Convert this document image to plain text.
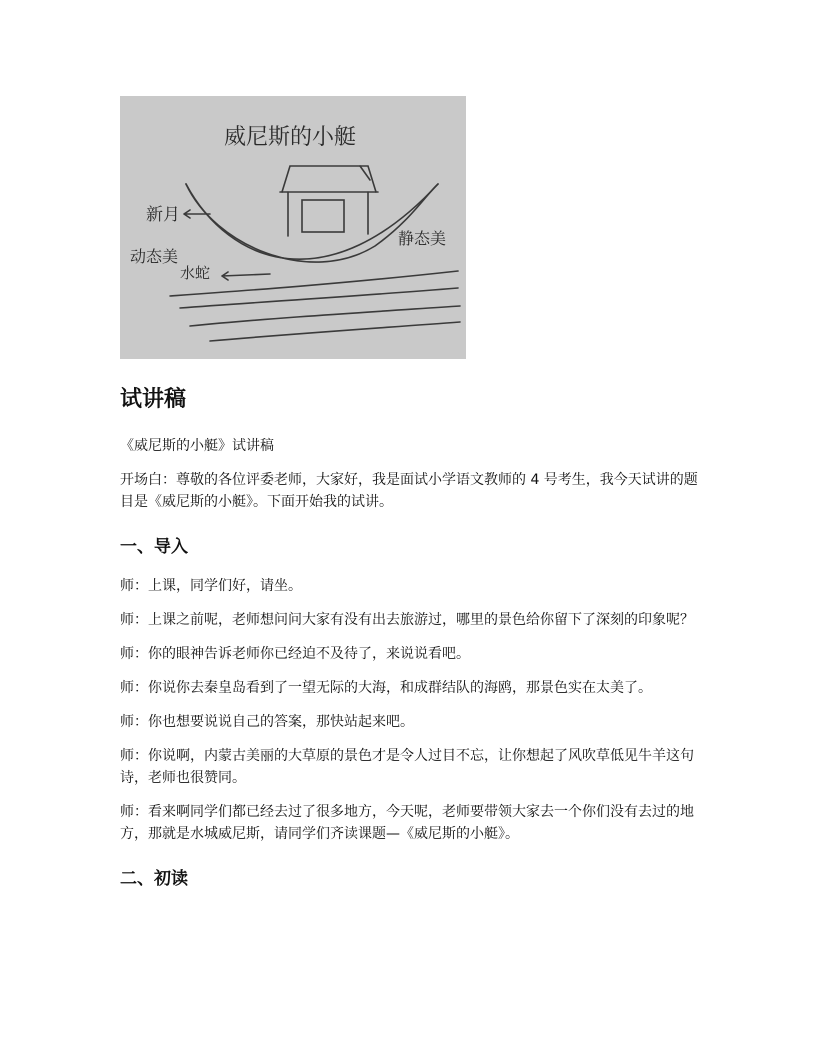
威尼斯的小艇
新月
动态美
水蛇
静态美
试讲稿

《威尼斯的小艇》试讲稿

开场白：尊敬的各位评委老师，大家好，我是面试小学语文教师的 4 号考生，我今天试讲的题目是《威尼斯的小艇》。下面开始我的试讲。

一、导入

师：上课，同学们好，请坐。

师：上课之前呢，老师想问问大家有没有出去旅游过，哪里的景色给你留下了深刻的印象呢？

师：你的眼神告诉老师你已经迫不及待了，来说说看吧。

师：你说你去秦皇岛看到了一望无际的大海，和成群结队的海鸥，那景色实在太美了。

师：你也想要说说自己的答案，那快站起来吧。

师：你说啊，内蒙古美丽的大草原的景色才是令人过目不忘，让你想起了风吹草低见牛羊这句诗，老师也很赞同。

师：看来啊同学们都已经去过了很多地方，今天呢，老师要带领大家去一个你们没有去过的地方，那就是水城威尼斯，请同学们齐读课题—《威尼斯的小艇》。

二、初读
